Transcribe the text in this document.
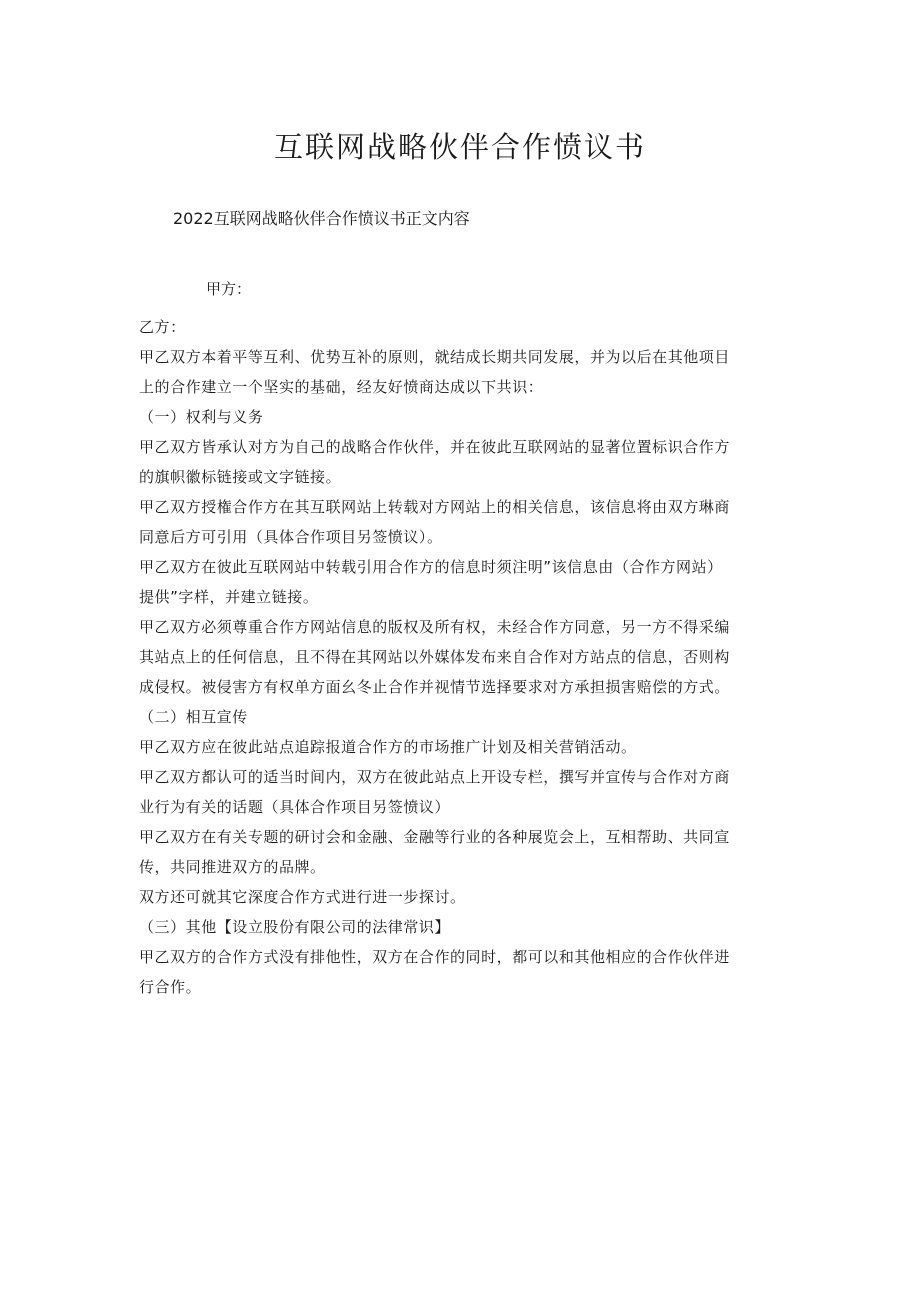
互联网战略伙伴合作愤议书
2022互联网战略伙伴合作愤议书正文内容
甲方：

乙方：

甲乙双方本着平等互利、优势互补的原则，就结成长期共同发展，并为以后在其他项目

上的合作建立一个坚实的基础，经友好愤商达成以下共识：

（一）权利与义务

甲乙双方皆承认对方为自己的战略合作伙伴，并在彼此互联网站的显著位置标识合作方

的旗帜徽标链接或文字链接。

甲乙双方授権合作方在其互联网站上转载对方网站上的相关信息，该信息将由双方琳商

同意后方可引用（具体合作项目另签愤议）。

甲乙双方在彼此互联网站中转载引用合作方的信息时须注明”该信息由（合作方网站）

提供”字样，并建立链接。

甲乙双方必须尊重合作方网站信息的版权及所有权，未经合作方同意，另一方不得采编

其站点上的任何信息，且不得在其网站以外媒体发布来自合作对方站点的信息，否则构

成侵权。被侵害方有权单方面幺冬止合作并视情节选择要求对方承担损害赔偿的方式。

（二）相互宣传

甲乙双方应在彼此站点追踪报道合作方的市场推广计划及相关营销活动。

甲乙双方都认可的适当时间内，双方在彼此站点上开设专栏，撰写并宣传与合作对方商

业行为有关的话题（具体合作项目另签愤议）

甲乙双方在有关专题的研讨会和金融、金融等行业的各种展览会上，互相帮助、共同宣

传，共同推进双方的品牌。

双方还可就其它深度合作方式进行进一步探讨。

（三）其他【设立股份有限公司的法律常识】

甲乙双方的合作方式没有排他性，双方在合作的同时，都可以和其他相应的合作伙伴进

行合作。
